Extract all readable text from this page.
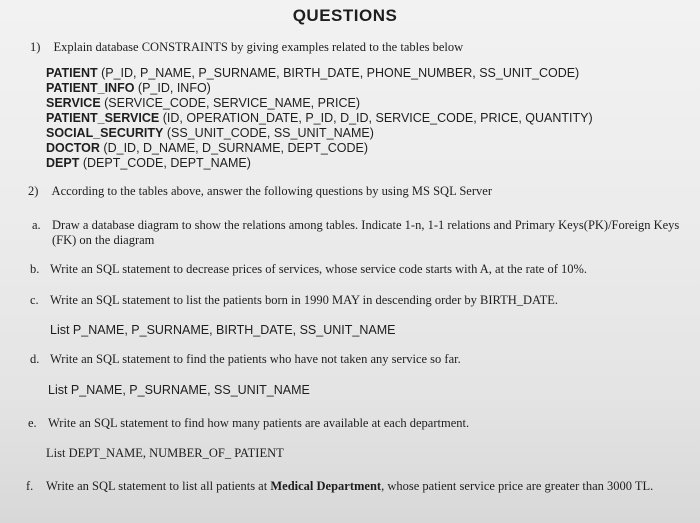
QUESTIONS
1) Explain database CONSTRAINTS by giving examples related to the tables below
PATIENT (P_ID, P_NAME, P_SURNAME, BIRTH_DATE, PHONE_NUMBER, SS_UNIT_CODE)
PATIENT_INFO (P_ID, INFO)
SERVICE (SERVICE_CODE, SERVICE_NAME, PRICE)
PATIENT_SERVICE (ID, OPERATION_DATE, P_ID, D_ID, SERVICE_CODE, PRICE, QUANTITY)
SOCIAL_SECURITY (SS_UNIT_CODE, SS_UNIT_NAME)
DOCTOR (D_ID, D_NAME, D_SURNAME, DEPT_CODE)
DEPT (DEPT_CODE, DEPT_NAME)
2) According to the tables above, answer the following questions by using MS SQL Server
a. Draw a database diagram to show the relations among tables. Indicate 1-n, 1-1 relations and Primary Keys(PK)/Foreign Keys
(FK) on the diagram
b. Write an SQL statement to decrease prices of services, whose service code starts with A, at the rate of 10%.
c. Write an SQL statement to list the patients born in 1990 MAY in descending order by BIRTH_DATE.
List P_NAME, P_SURNAME, BIRTH_DATE, SS_UNIT_NAME
d. Write an SQL statement to find the patients who have not taken any service so far.
List P_NAME, P_SURNAME, SS_UNIT_NAME
e. Write an SQL statement to find how many patients are available at each department.
List DEPT_NAME, NUMBER_OF_ PATIENT
f. Write an SQL statement to list all patients at Medical Department, whose patient service price are greater than 3000 TL.
